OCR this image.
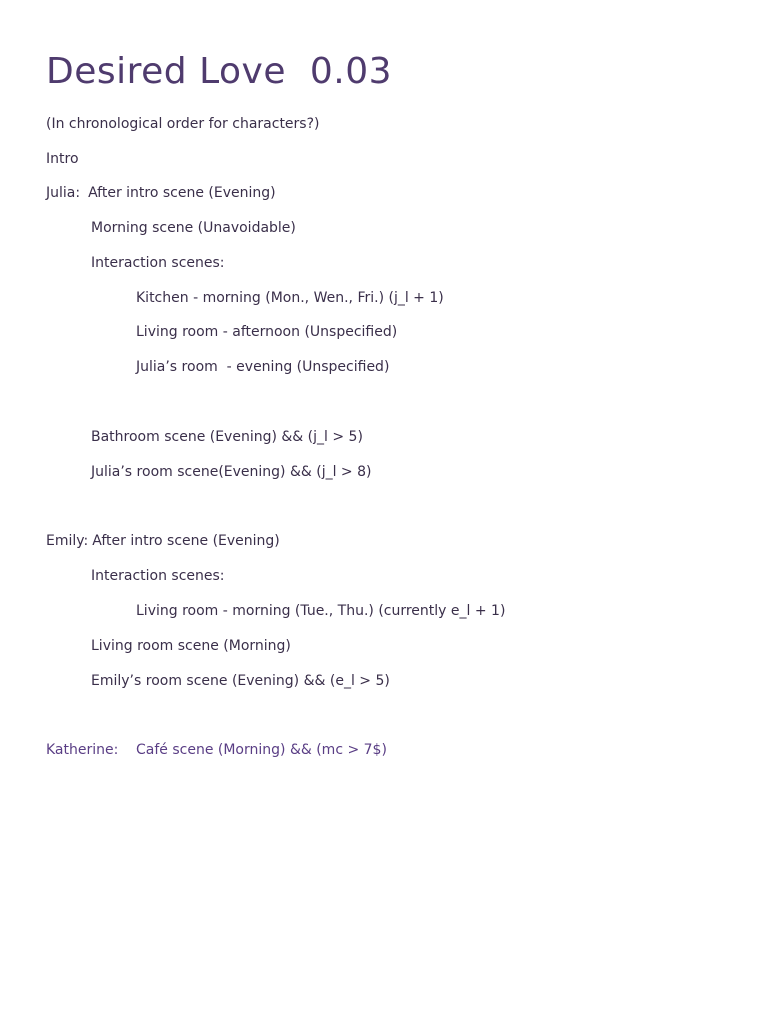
Desired Love  0.03
(In chronological order for characters?)
Intro
Julia: After intro scene (Evening)
Morning scene (Unavoidable)
Interaction scenes:
Kitchen - morning (Mon., Wen., Fri.) (j_l + 1)
Living room - afternoon (Unspecified)
Julia’s room  - evening (Unspecified)
Bathroom scene (Evening) && (j_l > 5)
Julia’s room scene(Evening) && (j_l > 8)
Emily: After intro scene (Evening)
Interaction scenes:
Living room - morning (Tue., Thu.) (currently e_l + 1)
Living room scene (Morning)
Emily’s room scene (Evening) && (e_l > 5)
Katherine: Café scene (Morning) && (mc > 7$)
